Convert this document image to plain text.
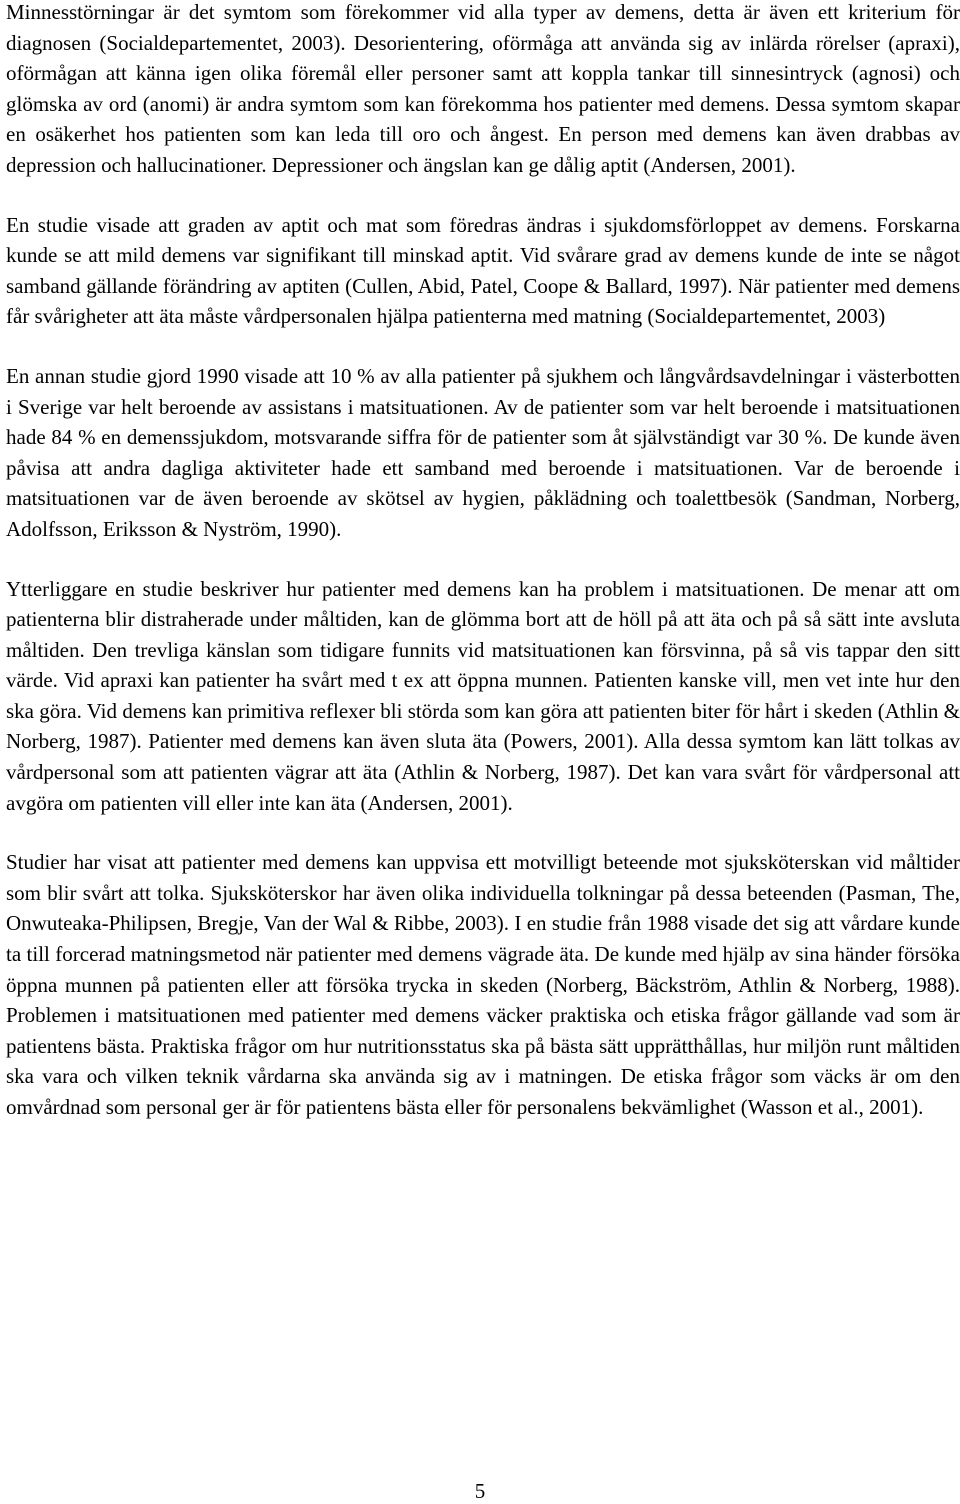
Minnesstörningar är det symtom som förekommer vid alla typer av demens, detta är även ett kriterium för diagnosen (Socialdepartementet, 2003). Desorientering, oförmåga att använda sig av inlärda rörelser (apraxi), oförmågan att känna igen olika föremål eller personer samt att koppla tankar till sinnesintryck (agnosi) och glömska av ord (anomi) är andra symtom som kan förekomma hos patienter med demens. Dessa symtom skapar en osäkerhet hos patienten som kan leda till oro och ångest. En person med demens kan även drabbas av depression och hallucinationer. Depressioner och ängslan kan ge dålig aptit (Andersen, 2001).

En studie visade att graden av aptit och mat som föredras ändras i sjukdomsförloppet av demens. Forskarna kunde se att mild demens var signifikant till minskad aptit. Vid svårare grad av demens kunde de inte se något samband gällande förändring av aptiten (Cullen, Abid, Patel, Coope & Ballard, 1997). När patienter med demens får svårigheter att äta måste vårdpersonalen hjälpa patienterna med matning (Socialdepartementet, 2003)

En annan studie gjord 1990 visade att 10 % av alla patienter på sjukhem och långvårdsavdelningar i västerbotten i Sverige var helt beroende av assistans i matsituationen. Av de patienter som var helt beroende i matsituationen hade 84 % en demenssjukdom, motsvarande siffra för de patienter som åt självständigt var 30 %. De kunde även påvisa att andra dagliga aktiviteter hade ett samband med beroende i matsituationen. Var de beroende i matsituationen var de även beroende av skötsel av hygien, påklädning och toalettbesök (Sandman, Norberg, Adolfsson, Eriksson & Nyström, 1990).

Ytterliggare en studie beskriver hur patienter med demens kan ha problem i matsituationen. De menar att om patienterna blir distraherade under måltiden, kan de glömma bort att de höll på att äta och på så sätt inte avsluta måltiden. Den trevliga känslan som tidigare funnits vid matsituationen kan försvinna, på så vis tappar den sitt värde. Vid apraxi kan patienter ha svårt med t ex att öppna munnen. Patienten kanske vill, men vet inte hur den ska göra. Vid demens kan primitiva reflexer bli störda som kan göra att patienten biter för hårt i skeden (Athlin & Norberg, 1987). Patienter med demens kan även sluta äta (Powers, 2001). Alla dessa symtom kan lätt tolkas av vårdpersonal som att patienten vägrar att äta (Athlin & Norberg, 1987). Det kan vara svårt för vårdpersonal att avgöra om patienten vill eller inte kan äta (Andersen, 2001).

Studier har visat att patienter med demens kan uppvisa ett motvilligt beteende mot sjuksköterskan vid måltider som blir svårt att tolka. Sjuksköterskor har även olika individuella tolkningar på dessa beteenden (Pasman, The, Onwuteaka-Philipsen, Bregje, Van der Wal & Ribbe, 2003). I en studie från 1988 visade det sig att vårdare kunde ta till forcerad matningsmetod när patienter med demens vägrade äta. De kunde med hjälp av sina händer försöka öppna munnen på patienten eller att försöka trycka in skeden (Norberg, Bäckström, Athlin & Norberg, 1988). Problemen i matsituationen med patienter med demens väcker praktiska och etiska frågor gällande vad som är patientens bästa. Praktiska frågor om hur nutritionsstatus ska på bästa sätt upprätthållas, hur miljön runt måltiden ska vara och vilken teknik vårdarna ska använda sig av i matningen. De etiska frågor som väcks är om den omvårdnad som personal ger är för patientens bästa eller för personalens bekvämlighet (Wasson et al., 2001).

5
